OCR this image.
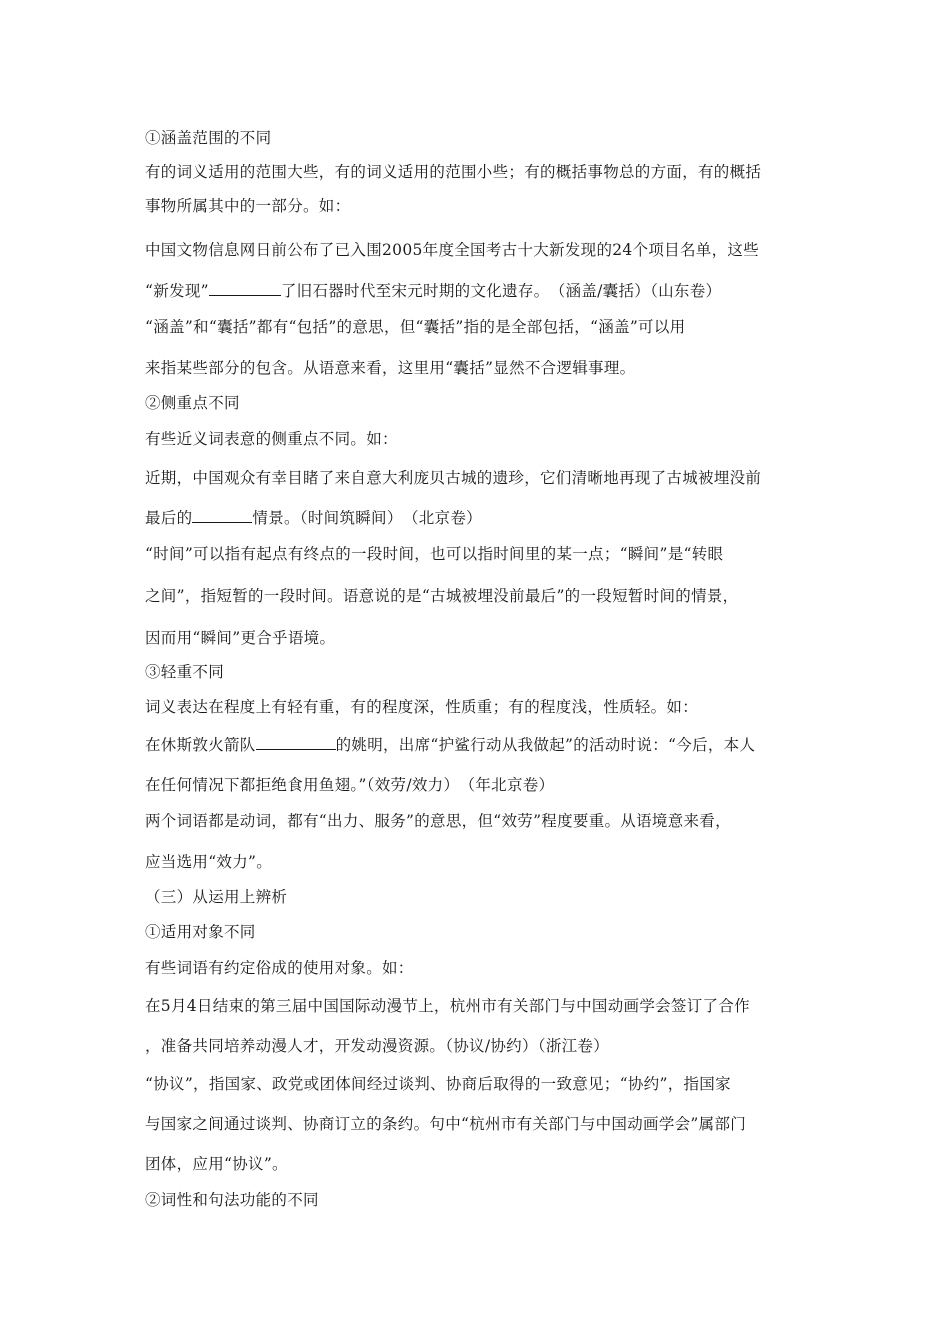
①涵盖范围的不同
有的词义适用的范围大些，有的词义适用的范围小些；有的概括事物总的方面，有的概括
事物所属其中的一部分。如：
中国文物信息网日前公布了已入围2005年度全国考古十大新发现的24个项目名单，这些
“新发现”	了旧石器时代至宋元时期的文化遗存。　（涵盖/囊括）（山东卷）
“涵盖”和“囊括”都有“包括”的意思，但“囊括”指的是全部包括，“涵盖”可以用
来指某些部分的包含。从语意来看，这里用“囊括”显然不合逻辑事理。
②侧重点不同
有些近义词表意的侧重点不同。如：
近期，中国观众有幸目睹了来自意大利庞贝古城的遗珍，它们清晰地再现了古城被埋没前
最后的	情景。（时间筑瞬间）　（北京卷）
“时间”可以指有起点有终点的一段时间，也可以指时间里的某一点；“瞬间”是“转眼
之间”，指短暂的一段时间。语意说的是“古城被埋没前最后”的一段短暂时间的情景，
因而用“瞬间”更合乎语境。
③轻重不同
词义表达在程度上有轻有重，有的程度深，性质重；有的程度浅，性质轻。如：
在休斯敦火箭队	的姚明，出席“护鲨行动从我做起”的活动时说：“今后，本人
在任何情况下都拒绝食用鱼翅。”（效劳/效力）　（年北京卷）
两个词语都是动词，都有“出力、服务”的意思，但“效劳”程度要重。从语境意来看，
应当选用“效力”。
（三）从运用上辨析
①适用对象不同
有些词语有约定俗成的使用对象。如：
在5月4日结束的第三届中国国际动漫节上，杭州市有关部门与中国动画学会签订了合作
，准备共同培养动漫人才，开发动漫资源。（协议/协约）（浙江卷）
“协议”，指国家、政党或团体间经过谈判、协商后取得的一致意见；“协约”，指国家
与国家之间通过谈判、协商订立的条约。句中“杭州市有关部门与中国动画学会”属部门
团体，应用“协议”。
②词性和句法功能的不同
